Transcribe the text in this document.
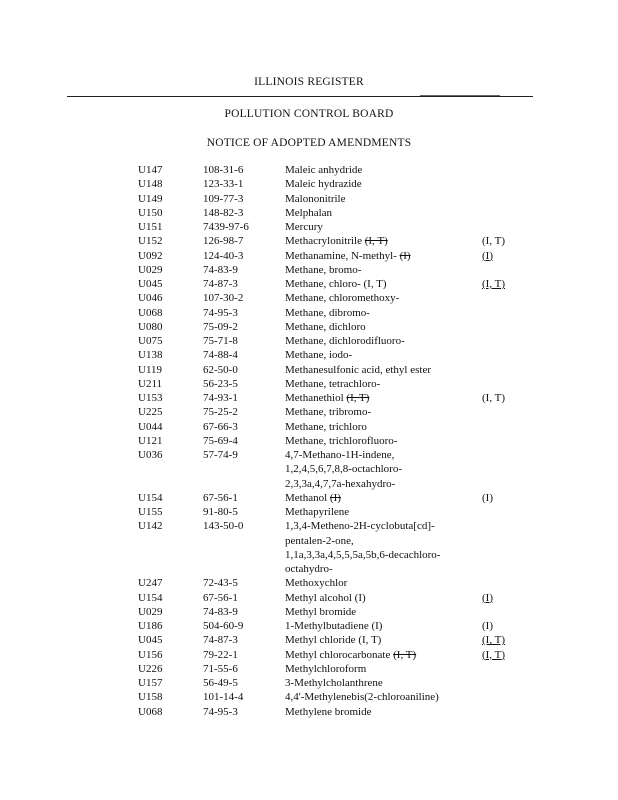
ILLINOIS REGISTER
POLLUTION CONTROL BOARD
NOTICE OF ADOPTED AMENDMENTS
U147	108-31-6	Maleic anhydride	

U148	123-33-1	Maleic hydrazide	

U149	109-77-3	Malononitrile	

U150	148-82-3	Melphalan	

U151	7439-97-6	Mercury	

U152	126-98-7	Methacrylonitrile (I, T)	(I, T)
U092	124-40-3	Methanamine, N-methyl- (I)	(I)
U029	74-83-9	Methane, bromo-	

U045	74-87-3	Methane, chloro- (I, T)	(I, T)
U046	107-30-2	Methane, chloromethoxy-	

U068	74-95-3	Methane, dibromo-	

U080	75-09-2	Methane, dichloro	

U075	75-71-8	Methane, dichlorodifluoro-	

U138	74-88-4	Methane, iodo-	

U119	62-50-0	Methanesulfonic acid, ethyl ester	

U211	56-23-5	Methane, tetrachloro-	

U153	74-93-1	Methanethiol (I, T)	(I, T)
U225	75-25-2	Methane, tribromo-	

U044	67-66-3	Methane, trichloro	

U121	75-69-4	Methane, trichlorofluoro-	

U036	57-74-9	4,7-Methano-1H-indene,
1,2,4,5,6,7,8,8-octachloro-
2,3,3a,4,7,7a-hexahydro-	

U154	67-56-1	Methanol (I)	(I)
U155	91-80-5	Methapyrilene	

U142	143-50-0	1,3,4-Metheno-2H-cyclobuta[cd]-
pentalen-2-one,
1,1a,3,3a,4,5,5,5a,5b,6-decachloro-
octahydro-	

U247	72-43-5	Methoxychlor	

U154	67-56-1	Methyl alcohol (I)	(I)
U029	74-83-9	Methyl bromide	

U186	504-60-9	1-Methylbutadiene (I)	(I)
U045	74-87-3	Methyl chloride (I, T)	(I, T)
U156	79-22-1	Methyl chlorocarbonate (I, T)	(I, T)
U226	71-55-6	Methylchloroform	

U157	56-49-5	3-Methylcholanthrene	

U158	101-14-4	4,4'-Methylenebis(2-chloroaniline)	

U068	74-95-3	Methylene bromide	
